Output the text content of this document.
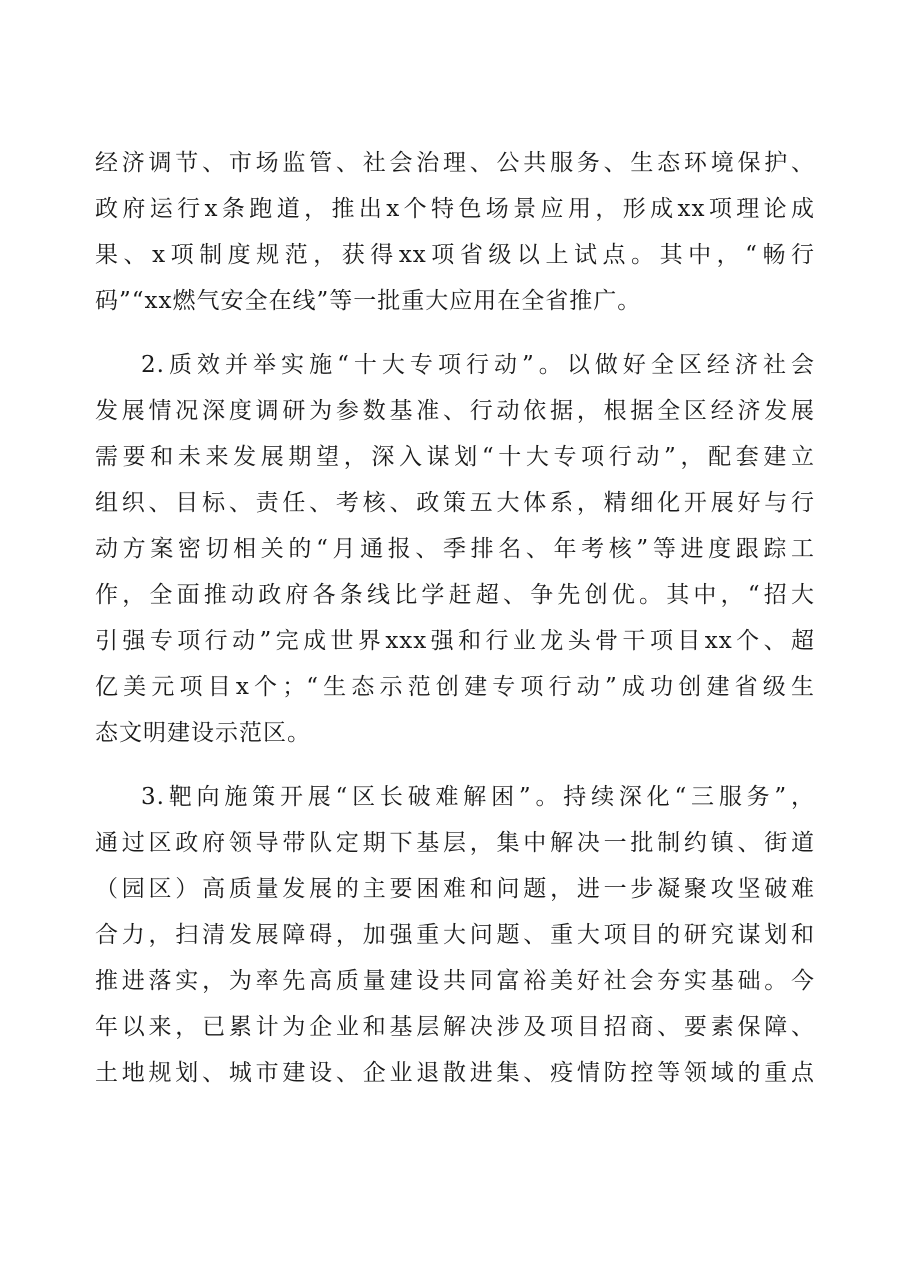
经济调节、市场监管、社会治理、公共服务、生态环境保护、
政府运行x条跑道，推出x个特色场景应用，形成xx项理论成
果、x项制度规范，获得xx项省级以上试点。其中，“畅行
码”“xx燃气安全在线”等一批重大应用在全省推广。
2.质效并举实施“十大专项行动”。以做好全区经济社会
发展情况深度调研为参数基准、行动依据，根据全区经济发展
需要和未来发展期望，深入谋划“十大专项行动”，配套建立
组织、目标、责任、考核、政策五大体系，精细化开展好与行
动方案密切相关的“月通报、季排名、年考核”等进度跟踪工
作，全面推动政府各条线比学赶超、争先创优。其中，“招大
引强专项行动”完成世界xxx强和行业龙头骨干项目xx个、超
亿美元项目x个；“生态示范创建专项行动”成功创建省级生
态文明建设示范区。
3.靶向施策开展“区长破难解困”。持续深化“三服务”，
通过区政府领导带队定期下基层，集中解决一批制约镇、街道
（园区）高质量发展的主要困难和问题，进一步凝聚攻坚破难
合力，扫清发展障碍，加强重大问题、重大项目的研究谋划和
推进落实，为率先高质量建设共同富裕美好社会夯实基础。今
年以来，已累计为企业和基层解决涉及项目招商、要素保障、
土地规划、城市建设、企业退散进集、疫情防控等领域的重点
